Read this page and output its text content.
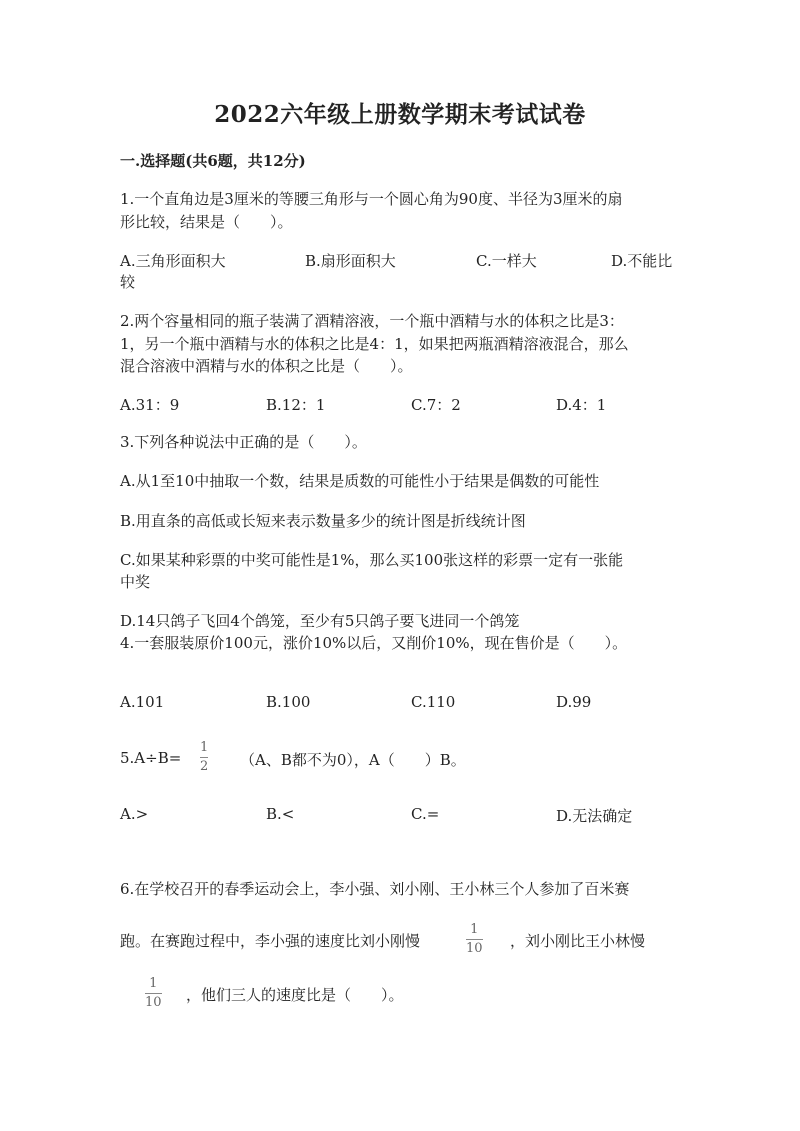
2022六年级上册数学期末考试试卷
一.选择题(共6题，共12分)
1.一个直角边是3厘米的等腰三角形与一个圆心角为90度、半径为3厘米的扇
形比较，结果是（　　）。
A.三角形面积大	B.扇形面积大	C.一样大	D.不能比
较
2.两个容量相同的瓶子装满了酒精溶液，一个瓶中酒精与水的体积之比是3：
1，另一个瓶中酒精与水的体积之比是4：1，如果把两瓶酒精溶液混合，那么
混合溶液中酒精与水的体积之比是（　　）。
A.31：9	B.12：1	C.7：2	D.4：1
3.下列各种说法中正确的是（　　）。
A.从1至10中抽取一个数，结果是质数的可能性小于结果是偶数的可能性
B.用直条的高低或长短来表示数量多少的统计图是折线统计图
C.如果某种彩票的中奖可能性是1%，那么买100张这样的彩票一定有一张能
中奖
D.14只鸽子飞回4个鸽笼，至少有5只鸽子要飞进同一个鸽笼
4.一套服装原价100元，涨价10%以后，又削价10%，现在售价是（　　）。
A.101	B.100	C.110	D.99
5.A÷B=
1
2 （A、B都不为0），A（　　）B。
A.>	B.<	C.=	D.无法确定
6.在学校召开的春季运动会上，李小强、刘小刚、王小林三个人参加了百米赛
跑。在赛跑过程中，李小强的速度比刘小刚慢
1
10 ，刘小刚比王小林慢
1
10 ，他们三人的速度比是（　　）。
